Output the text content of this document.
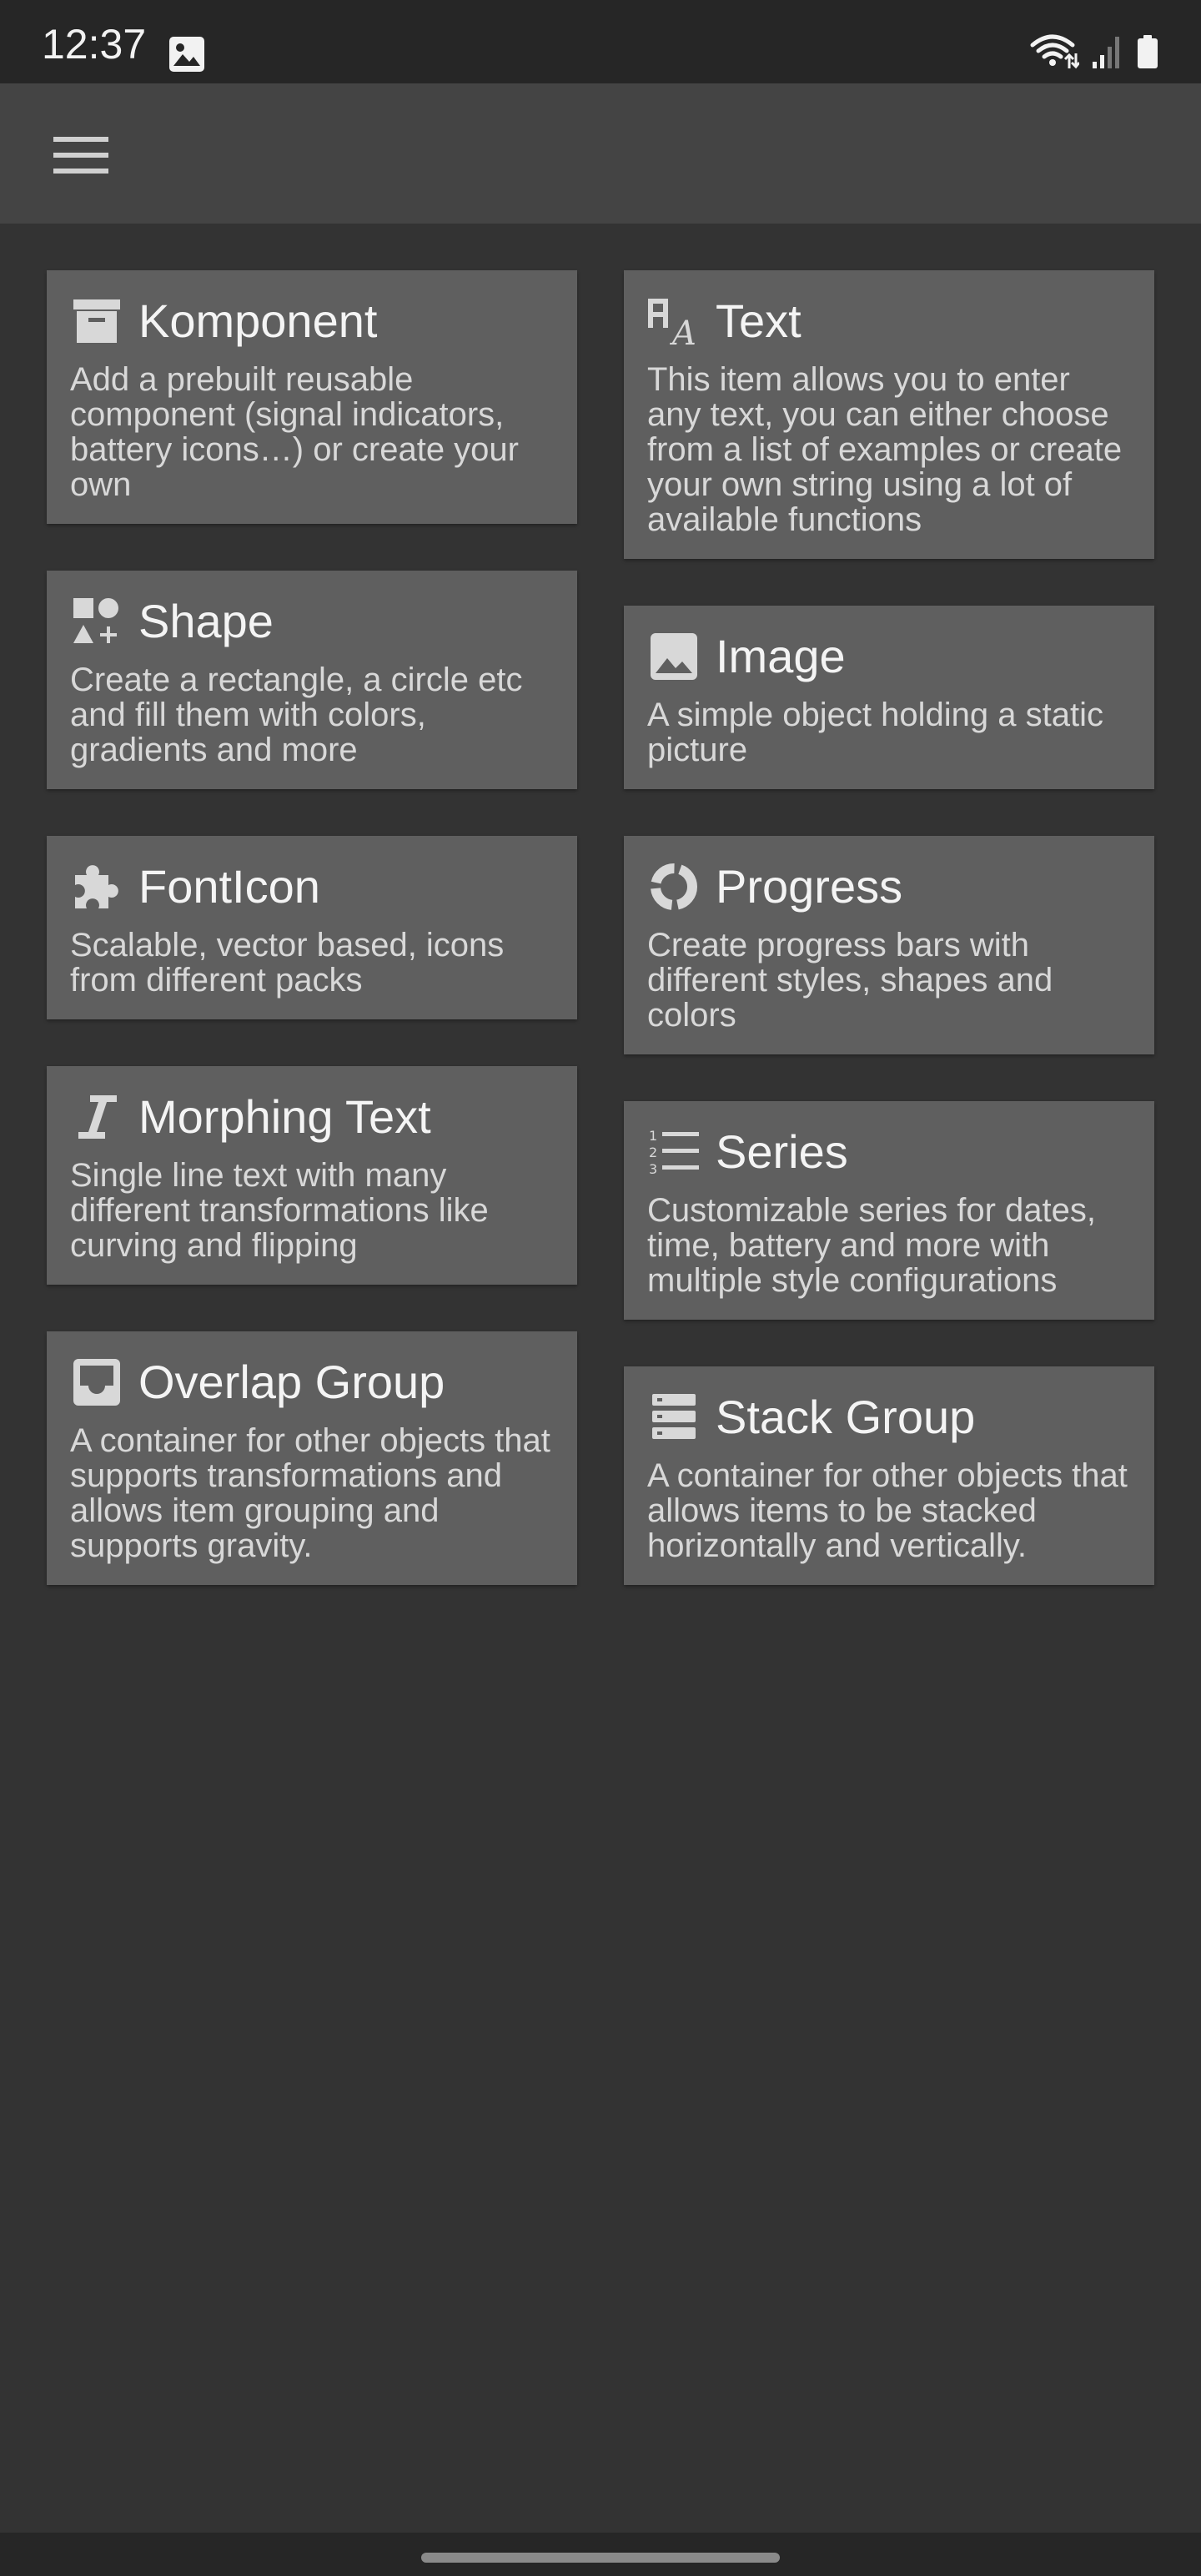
12:37
Komponent
Add a prebuilt reusable component (signal indicators, battery icons…) or create your own
Shape
Create a rectangle, a circle etc and fill them with colors, gradients and more
FontIcon
Scalable, vector based, icons from different packs
Morphing Text
Single line text with many different transformations like curving and flipping
Overlap Group
A container for other objects that supports transformations and allows item grouping and supports gravity.
A Text
This item allows you to enter any text, you can either choose from a list of examples or create your own string using a lot of available functions
Image
A simple object holding a static picture
Progress
Create progress bars with different styles, shapes and colors
1
2
3 Series
Customizable series for dates, time, battery and more with multiple style configurations
Stack Group
A container for other objects that allows items to be stacked horizontally and vertically.
